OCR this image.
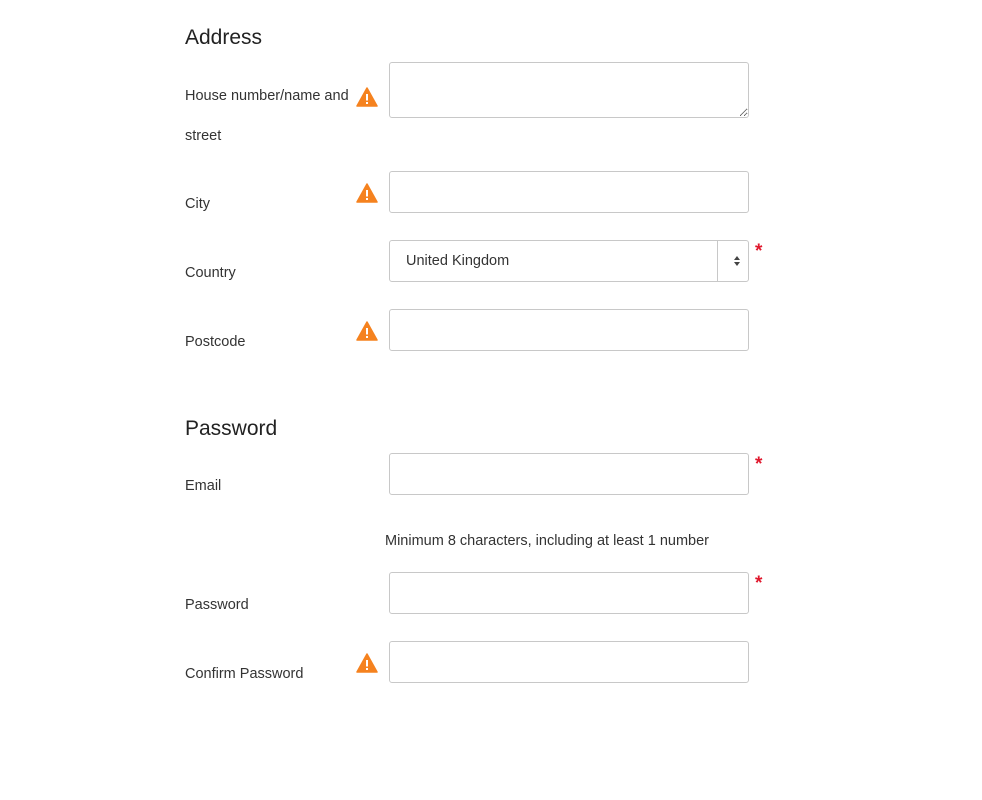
Address
House number/name and street
City
Country
United Kingdom	*
Postcode
Password
Email
*
Minimum 8 characters, including at least 1 number
Password
*
Confirm Password
